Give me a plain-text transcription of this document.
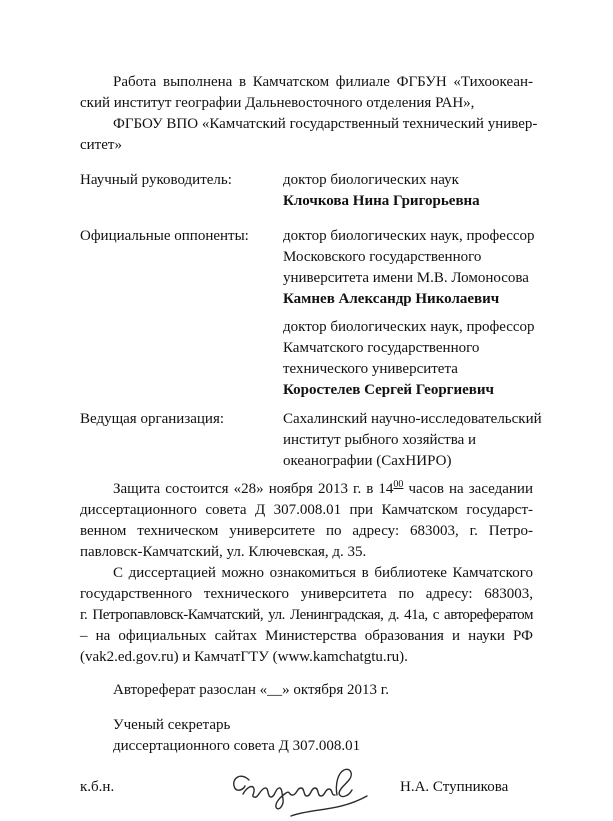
Работа выполнена в Камчатском филиале ФГБУН «Тихоокеан-
ский институт географии Дальневосточного отделения РАН»,
ФГБОУ ВПО «Камчатский государственный технический универ-
ситет»
Научный руководитель:	доктор биологических наук
Клочкова Нина Григорьевна
Официальные оппоненты:	доктор биологических наук, профессор
Московского государственного
университета имени М.В. Ломоносова
Камнев Александр Николаевич
доктор биологических наук, профессор
Камчатского государственного
технического университета
Коростелев Сергей Георгиевич
Ведущая организация:	Сахалинский научно-исследовательский
институт рыбного хозяйства и
океанографии (СахНИРО)
Защита состоится «28» ноября 2013 г. в $14^{00}$ часов на заседании
диссертационного совета Д 307.008.01 при Камчатском государст-
венном техническом университете по адресу: 683003, г. Петро-
павловск-Камчатский, ул. Ключевская, д. 35.
С диссертацией можно ознакомиться в библиотеке Камчатского
государственного технического университета по адресу: 683003,
г. Петропавловск-Камчатский, ул. Ленинградская, д. 41а, с авторефератом
– на официальных сайтах Министерства образования и науки РФ
(vak2.ed.gov.ru) и КамчатГТУ (www.kamchatgtu.ru).
Автореферат разослан «__» октября 2013 г.
Ученый секретарь
диссертационного совета Д 307.008.01
к.б.н.	Н.А. Ступникова
